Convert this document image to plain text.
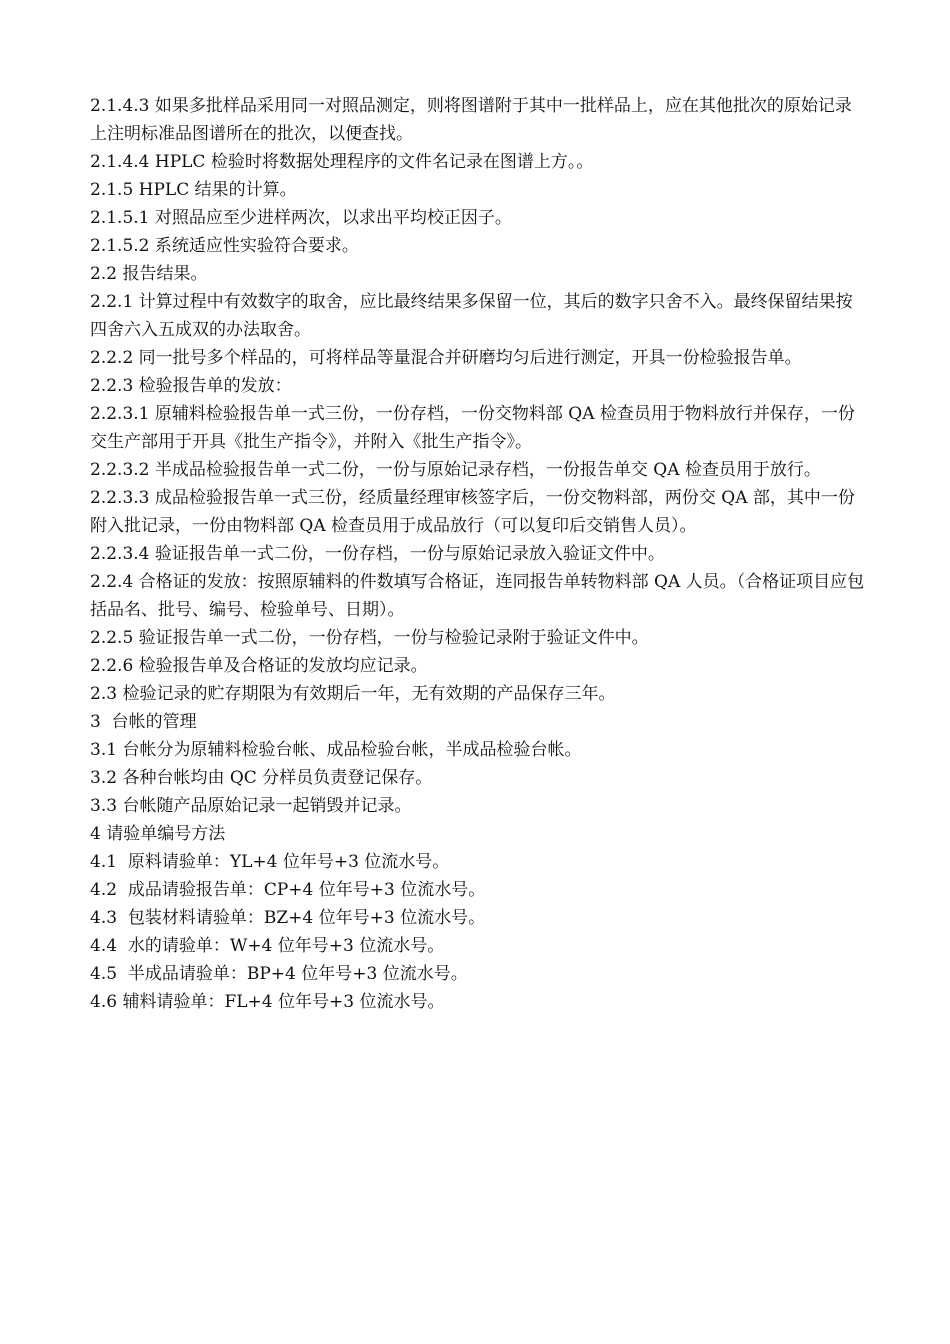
2.1.4.3 如果多批样品采用同一对照品测定，则将图谱附于其中一批样品上，应在其他批次的原始记录上注明标准品图谱所在的批次，以便查找。

2.1.4.4 HPLC 检验时将数据处理程序的文件名记录在图谱上方。。

2.1.5 HPLC 结果的计算。

2.1.5.1 对照品应至少进样两次，以求出平均校正因子。

2.1.5.2 系统适应性实验符合要求。

2.2 报告结果。

2.2.1 计算过程中有效数字的取舍，应比最终结果多保留一位，其后的数字只舍不入。最终保留结果按四舍六入五成双的办法取舍。

2.2.2 同一批号多个样品的，可将样品等量混合并研磨均匀后进行测定，开具一份检验报告单。

2.2.3 检验报告单的发放：

2.2.3.1 原辅料检验报告单一式三份，一份存档，一份交物料部 QA 检查员用于物料放行并保存，一份交生产部用于开具《批生产指令》，并附入《批生产指令》。

2.2.3.2 半成品检验报告单一式二份，一份与原始记录存档，一份报告单交 QA 检查员用于放行。

2.2.3.3 成品检验报告单一式三份，经质量经理审核签字后，一份交物料部，两份交 QA 部，其中一份附入批记录，一份由物料部 QA 检查员用于成品放行（可以复印后交销售人员）。

2.2.3.4 验证报告单一式二份，一份存档，一份与原始记录放入验证文件中。

2.2.4 合格证的发放：按照原辅料的件数填写合格证，连同报告单转物料部 QA 人员。（合格证项目应包括品名、批号、编号、检验单号、日期）。

2.2.5 验证报告单一式二份，一份存档，一份与检验记录附于验证文件中。

2.2.6 检验报告单及合格证的发放均应记录。

2.3 检验记录的贮存期限为有效期后一年，无有效期的产品保存三年。

3  台帐的管理

3.1 台帐分为原辅料检验台帐、成品检验台帐，半成品检验台帐。

3.2 各种台帐均由 QC 分样员负责登记保存。

3.3 台帐随产品原始记录一起销毁并记录。

4 请验单编号方法

4.1  原料请验单：YL+4 位年号+3 位流水号。

4.2  成品请验报告单：CP+4 位年号+3 位流水号。

4.3  包装材料请验单：BZ+4 位年号+3 位流水号。

4.4  水的请验单：W+4 位年号+3 位流水号。

4.5  半成品请验单：BP+4 位年号+3 位流水号。

4.6 辅料请验单：FL+4 位年号+3 位流水号。
